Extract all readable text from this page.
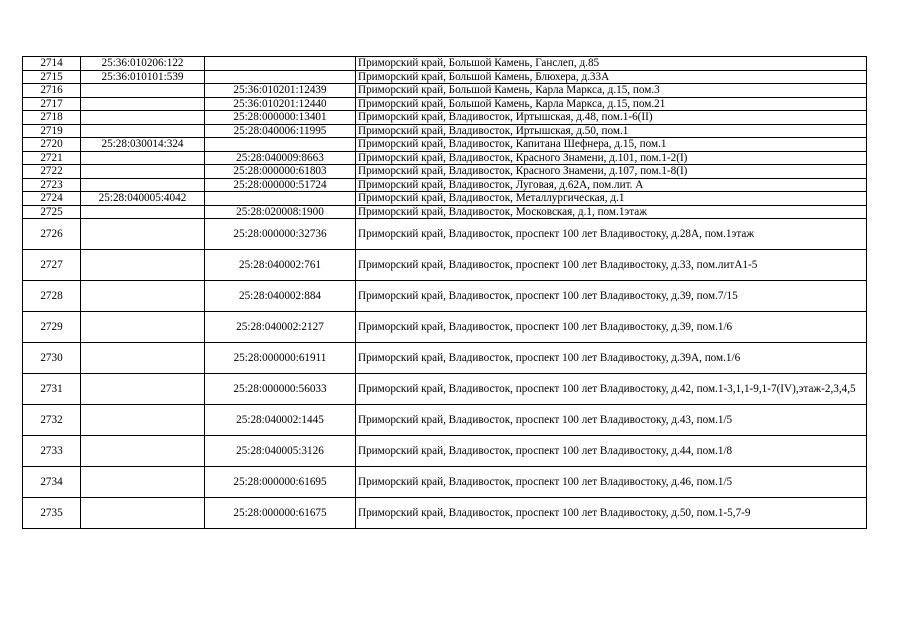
2714	25:36:010206:122		Приморский край, Большой Камень, Ганслеп, д.85
2715	25:36:010101:539		Приморский край, Большой Камень, Блюхера, д.33А
2716		25:36:010201:12439	Приморский край, Большой Камень, Карла Маркса, д.15, пом.3
2717		25:36:010201:12440	Приморский край, Большой Камень, Карла Маркса, д.15, пом.21
2718		25:28:000000:13401	Приморский край, Владивосток, Иртышская, д.48, пом.1-6(II)
2719		25:28:040006:11995	Приморский край, Владивосток, Иртышская, д.50, пом.1
2720	25:28:030014:324		Приморский край, Владивосток, Капитана Шефнера, д.15, пом.1
2721		25:28:040009:8663	Приморский край, Владивосток, Красного Знамени, д.101, пом.1-2(I)
2722		25:28:000000:61803	Приморский край, Владивосток, Красного Знамени, д.107, пом.1-8(I)
2723		25:28:000000:51724	Приморский край, Владивосток, Луговая, д.62А, пом.лит. А
2724	25:28:040005:4042		Приморский край, Владивосток, Металлургическая, д.1
2725		25:28:020008:1900	Приморский край, Владивосток, Московская, д.1, пом.1этаж
2726		25:28:000000:32736	Приморский край, Владивосток, проспект 100 лет Владивостоку, д.28А, пом.1этаж
2727		25:28:040002:761	Приморский край, Владивосток, проспект 100 лет Владивостоку, д.33, пом.литА1-5
2728		25:28:040002:884	Приморский край, Владивосток, проспект 100 лет Владивостоку, д.39, пом.7/15
2729		25:28:040002:2127	Приморский край, Владивосток, проспект 100 лет Владивостоку, д.39, пом.1/6
2730		25:28:000000:61911	Приморский край, Владивосток, проспект 100 лет Владивостоку, д.39А, пом.1/6
2731		25:28:000000:56033	Приморский край, Владивосток, проспект 100 лет Владивостоку, д.42, пом.1-3,1,1-9,1-7(IV),этаж-2,3,4,5
2732		25:28:040002:1445	Приморский край, Владивосток, проспект 100 лет Владивостоку, д.43, пом.1/5
2733		25:28:040005:3126	Приморский край, Владивосток, проспект 100 лет Владивостоку, д.44, пом.1/8
2734		25:28:000000:61695	Приморский край, Владивосток, проспект 100 лет Владивостоку, д.46, пом.1/5
2735		25:28:000000:61675	Приморский край, Владивосток, проспект 100 лет Владивостоку, д.50, пом.1-5,7-9
